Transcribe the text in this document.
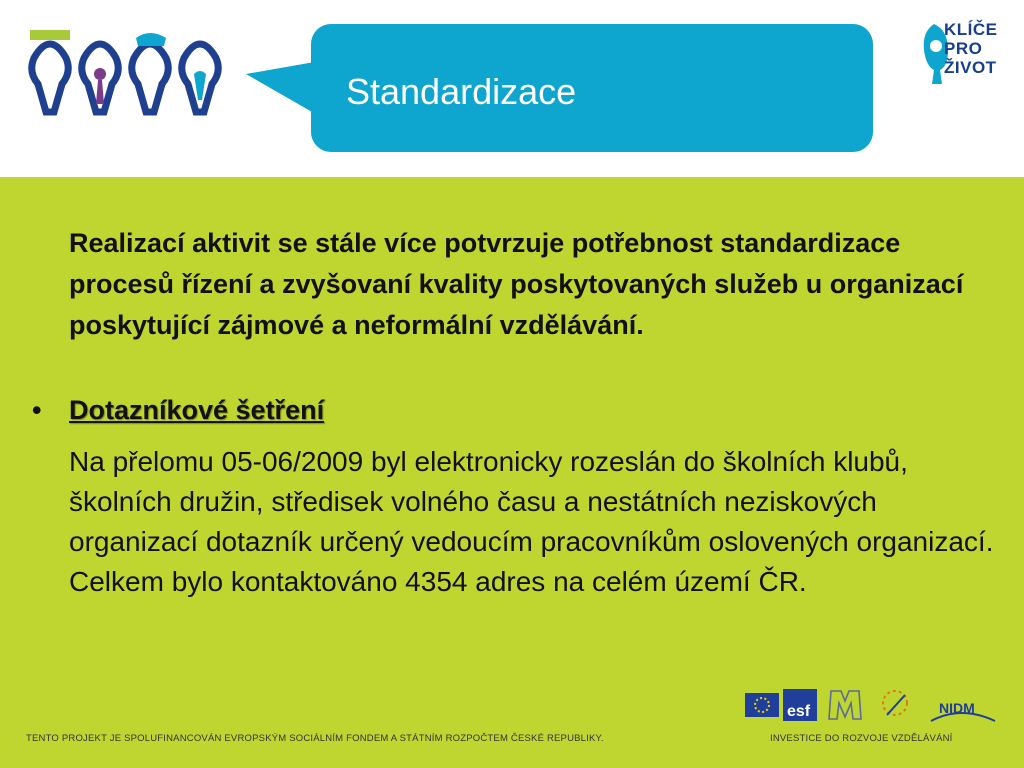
Standardizace
KLÍČE
PRO
ŽIVOT
Realizací aktivit se stále více potvrzuje potřebnost standardizace procesů řízení a zvyšovaní kvality poskytovaných služeb u organizací poskytující zájmové a neformální vzdělávání.
• Dotazníkové šetření
Na přelomu 05-06/2009 byl elektronicky rozeslán do školních klubů, školních družin, středisek volného času a nestátních neziskových organizací dotazník určený vedoucím pracovníkům oslovených organizací. Celkem bylo kontaktováno 4354 adres na celém území ČR.
esf	NIDM
TENTO PROJEKT JE SPOLUFINANCOVÁN EVROPSKÝM SOCIÁLNÍM FONDEM A STÁTNÍM ROZPOČTEM ČESKÉ REPUBLIKY.	INVESTICE DO ROZVOJE VZDĚLÁVÁNÍ
